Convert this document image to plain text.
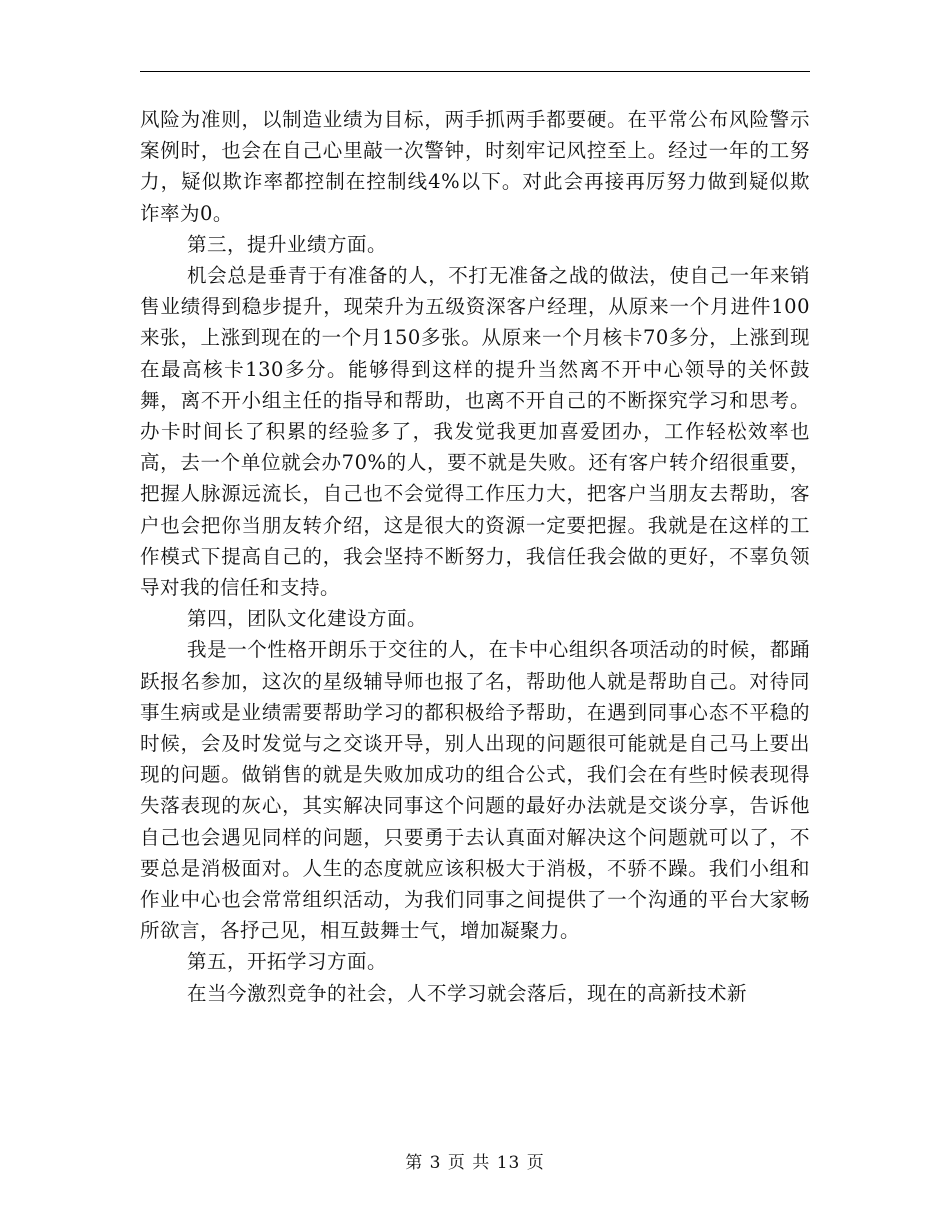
风险为准则，以制造业绩为目标，两手抓两手都要硬。在平常公布风险警示案例时，也会在自己心里敲一次警钟，时刻牢记风控至上。经过一年的工努力，疑似欺诈率都控制在控制线4%以下。对此会再接再厉努力做到疑似欺诈率为0。

第三，提升业绩方面。

机会总是垂青于有准备的人，不打无准备之战的做法，使自己一年来销售业绩得到稳步提升，现荣升为五级资深客户经理，从原来一个月进件100来张，上涨到现在的一个月150多张。从原来一个月核卡70多分，上涨到现在最高核卡130多分。能够得到这样的提升当然离不开中心领导的关怀鼓舞，离不开小组主任的指导和帮助，也离不开自己的不断探究学习和思考。办卡时间长了积累的经验多了，我发觉我更加喜爱团办，工作轻松效率也高，去一个单位就会办70%的人，要不就是失败。还有客户转介绍很重要，把握人脉源远流长，自己也不会觉得工作压力大，把客户当朋友去帮助，客户也会把你当朋友转介绍，这是很大的资源一定要把握。我就是在这样的工作模式下提高自己的，我会坚持不断努力，我信任我会做的更好，不辜负领导对我的信任和支持。

第四，团队文化建设方面。

我是一个性格开朗乐于交往的人，在卡中心组织各项活动的时候，都踊跃报名参加，这次的星级辅导师也报了名，帮助他人就是帮助自己。对待同事生病或是业绩需要帮助学习的都积极给予帮助，在遇到同事心态不平稳的时候，会及时发觉与之交谈开导，别人出现的问题很可能就是自己马上要出现的问题。做销售的就是失败加成功的组合公式，我们会在有些时候表现得失落表现的灰心，其实解决同事这个问题的最好办法就是交谈分享，告诉他自己也会遇见同样的问题，只要勇于去认真面对解决这个问题就可以了，不要总是消极面对。人生的态度就应该积极大于消极，不骄不躁。我们小组和作业中心也会常常组织活动，为我们同事之间提供了一个沟通的平台大家畅所欲言，各抒己见，相互鼓舞士气，增加凝聚力。

第五，开拓学习方面。

在当今激烈竞争的社会，人不学习就会落后，现在的高新技术新

第 3 页 共 13 页
